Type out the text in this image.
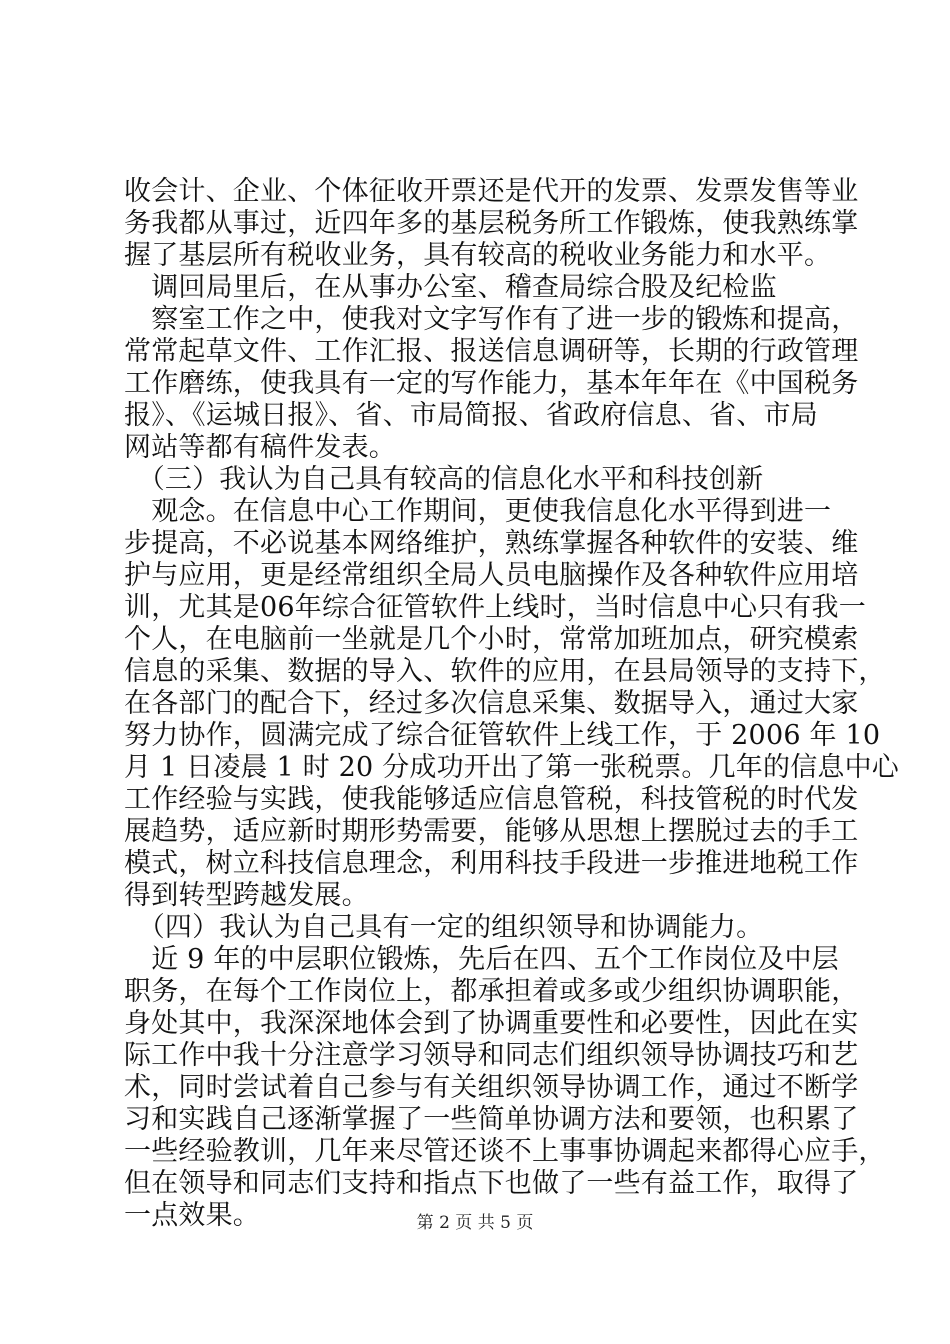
收会计、企业、个体征收开票还是代开的发票、发票发售等业
务我都从事过，近四年多的基层税务所工作锻炼，使我熟练掌
握了基层所有税收业务，具有较高的税收业务能力和水平。
　调回局里后，在从事办公室、稽查局综合股及纪检监
　察室工作之中，使我对文字写作有了进一步的锻炼和提高，
常常起草文件、工作汇报、报送信息调研等，长期的行政管理
工作磨练，使我具有一定的写作能力，基本年年在《中国税务
报》、《运城日报》、省、市局简报、省政府信息、省、市局
网站等都有稿件发表。
　（三）我认为自己具有较高的信息化水平和科技创新
　观念。在信息中心工作期间，更使我信息化水平得到进一
步提高，不必说基本网络维护，熟练掌握各种软件的安装、维
护与应用，更是经常组织全局人员电脑操作及各种软件应用培
训，尤其是06年综合征管软件上线时，当时信息中心只有我一
个人，在电脑前一坐就是几个小时，常常加班加点，研究模索
信息的采集、数据的导入、软件的应用，在县局领导的支持下，
在各部门的配合下，经过多次信息采集、数据导入，通过大家
努力协作，圆满完成了综合征管软件上线工作，于 2006 年 10
月 1 日凌晨 1 时 20 分成功开出了第一张税票。几年的信息中心
工作经验与实践，使我能够适应信息管税，科技管税的时代发
展趋势，适应新时期形势需要，能够从思想上摆脱过去的手工
模式，树立科技信息理念，利用科技手段进一步推进地税工作
得到转型跨越发展。
　（四）我认为自己具有一定的组织领导和协调能力。
　近 9 年的中层职位锻炼，先后在四、五个工作岗位及中层
职务，在每个工作岗位上，都承担着或多或少组织协调职能，
身处其中，我深深地体会到了协调重要性和必要性，因此在实
际工作中我十分注意学习领导和同志们组织领导协调技巧和艺
术，同时尝试着自己参与有关组织领导协调工作，通过不断学
习和实践自己逐渐掌握了一些简单协调方法和要领，也积累了
一些经验教训，几年来尽管还谈不上事事协调起来都得心应手，
但在领导和同志们支持和指点下也做了一些有益工作，取得了
一点效果。	第 2 页 共 5 页
